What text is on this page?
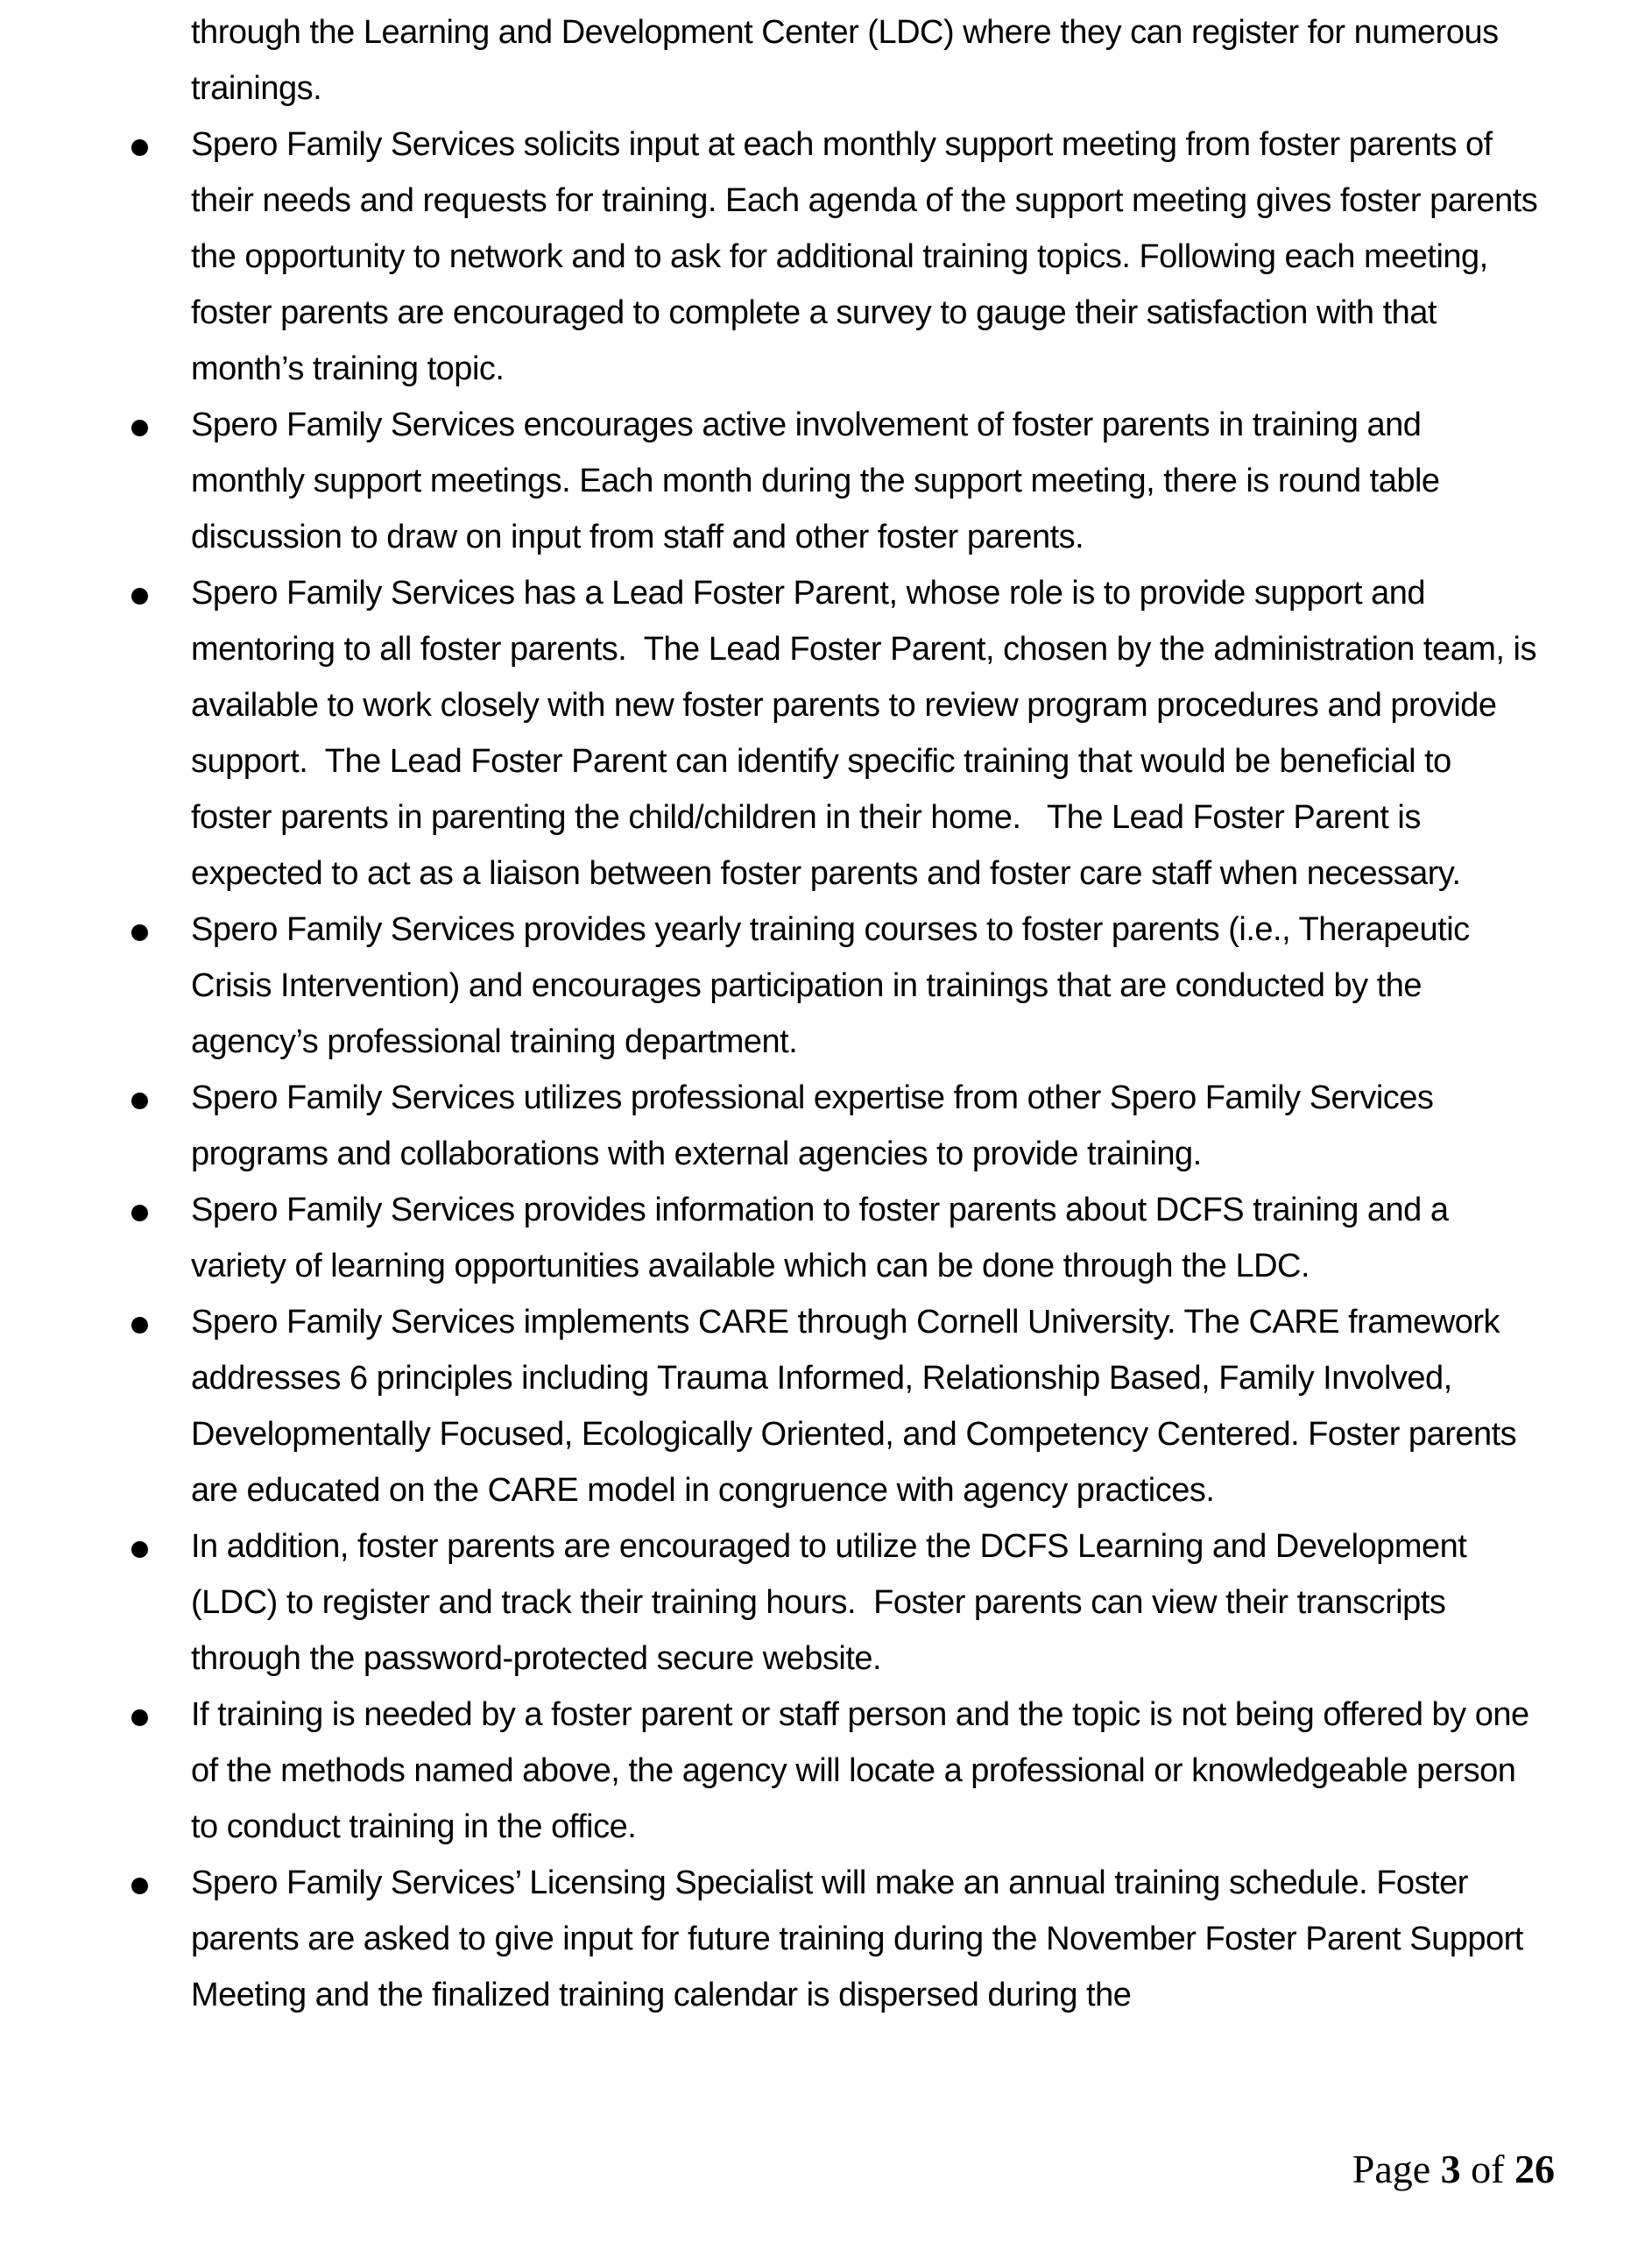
through the Learning and Development Center (LDC) where they can register for numerous trainings.

Spero Family Services solicits input at each monthly support meeting from foster parents of their needs and requests for training. Each agenda of the support meeting gives foster parents the opportunity to network and to ask for additional training topics. Following each meeting, foster parents are encouraged to complete a survey to gauge their satisfaction with that month’s training topic.
Spero Family Services encourages active involvement of foster parents in training and monthly support meetings. Each month during the support meeting, there is round table discussion to draw on input from staff and other foster parents.
Spero Family Services has a Lead Foster Parent, whose role is to provide support and mentoring to all foster parents.  The Lead Foster Parent, chosen by the administration team, is available to work closely with new foster parents to review program procedures and provide support.  The Lead Foster Parent can identify specific training that would be beneficial to foster parents in parenting the child/children in their home.   The Lead Foster Parent is expected to act as a liaison between foster parents and foster care staff when necessary.
Spero Family Services provides yearly training courses to foster parents (i.e., Therapeutic Crisis Intervention) and encourages participation in trainings that are conducted by the agency’s professional training department.
Spero Family Services utilizes professional expertise from other Spero Family Services programs and collaborations with external agencies to provide training.
Spero Family Services provides information to foster parents about DCFS training and a variety of learning opportunities available which can be done through the LDC.
Spero Family Services implements CARE through Cornell University. The CARE framework addresses 6 principles including Trauma Informed, Relationship Based, Family Involved, Developmentally Focused, Ecologically Oriented, and Competency Centered. Foster parents are educated on the CARE model in congruence with agency practices.
In addition, foster parents are encouraged to utilize the DCFS Learning and Development (LDC) to register and track their training hours.  Foster parents can view their transcripts through the password-protected secure website.
If training is needed by a foster parent or staff person and the topic is not being offered by one of the methods named above, the agency will locate a professional or knowledgeable person to conduct training in the office.
Spero Family Services’ Licensing Specialist will make an annual training schedule. Foster parents are asked to give input for future training during the November Foster Parent Support Meeting and the finalized training calendar is dispersed during the
Page 3 of 26
